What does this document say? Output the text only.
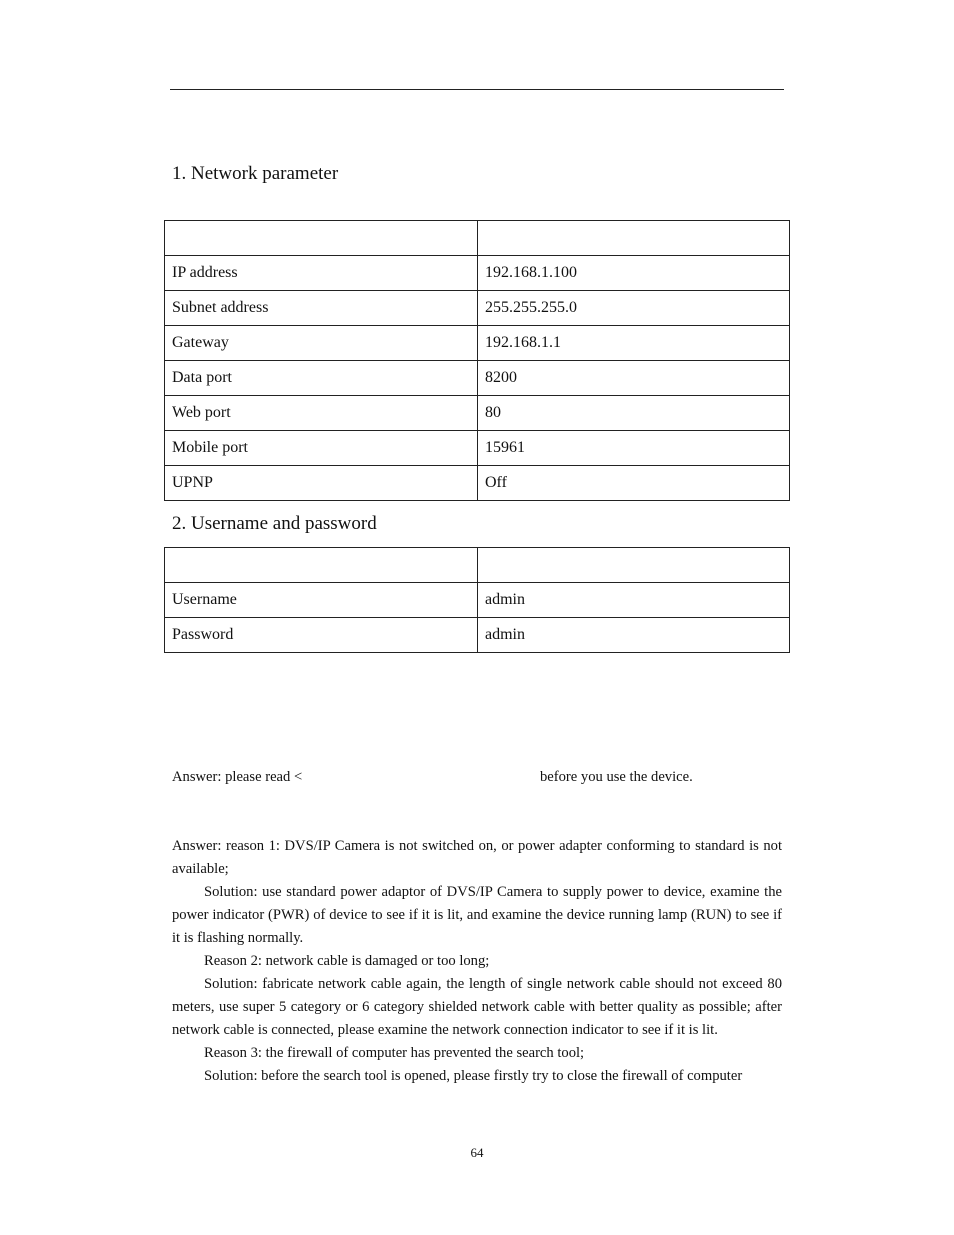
1. Network parameter

IP address	192.168.1.100
Subnet address	255.255.255.0
Gateway	192.168.1.1
Data port	8200
Web port	80
Mobile port	15961
UPNP	Off
2. Username and password

Username	admin
Password	admin
Answer: please read <	before you use the device.

Answer: reason 1: DVS/IP Camera is not switched on, or power adapter conforming to standard is not available;

Solution: use standard power adaptor of DVS/IP Camera to supply power to device, examine the power indicator (PWR) of device to see if it is lit, and examine the device running lamp (RUN) to see if it is flashing normally.

Reason 2: network cable is damaged or too long;

Solution: fabricate network cable again, the length of single network cable should not exceed 80 meters, use super 5 category or 6 category shielded network cable with better quality as possible; after network cable is connected, please examine the network connection indicator to see if it is lit.

Reason 3: the firewall of computer has prevented the search tool;

Solution: before the search tool is opened, please firstly try to close the firewall of computer

64
